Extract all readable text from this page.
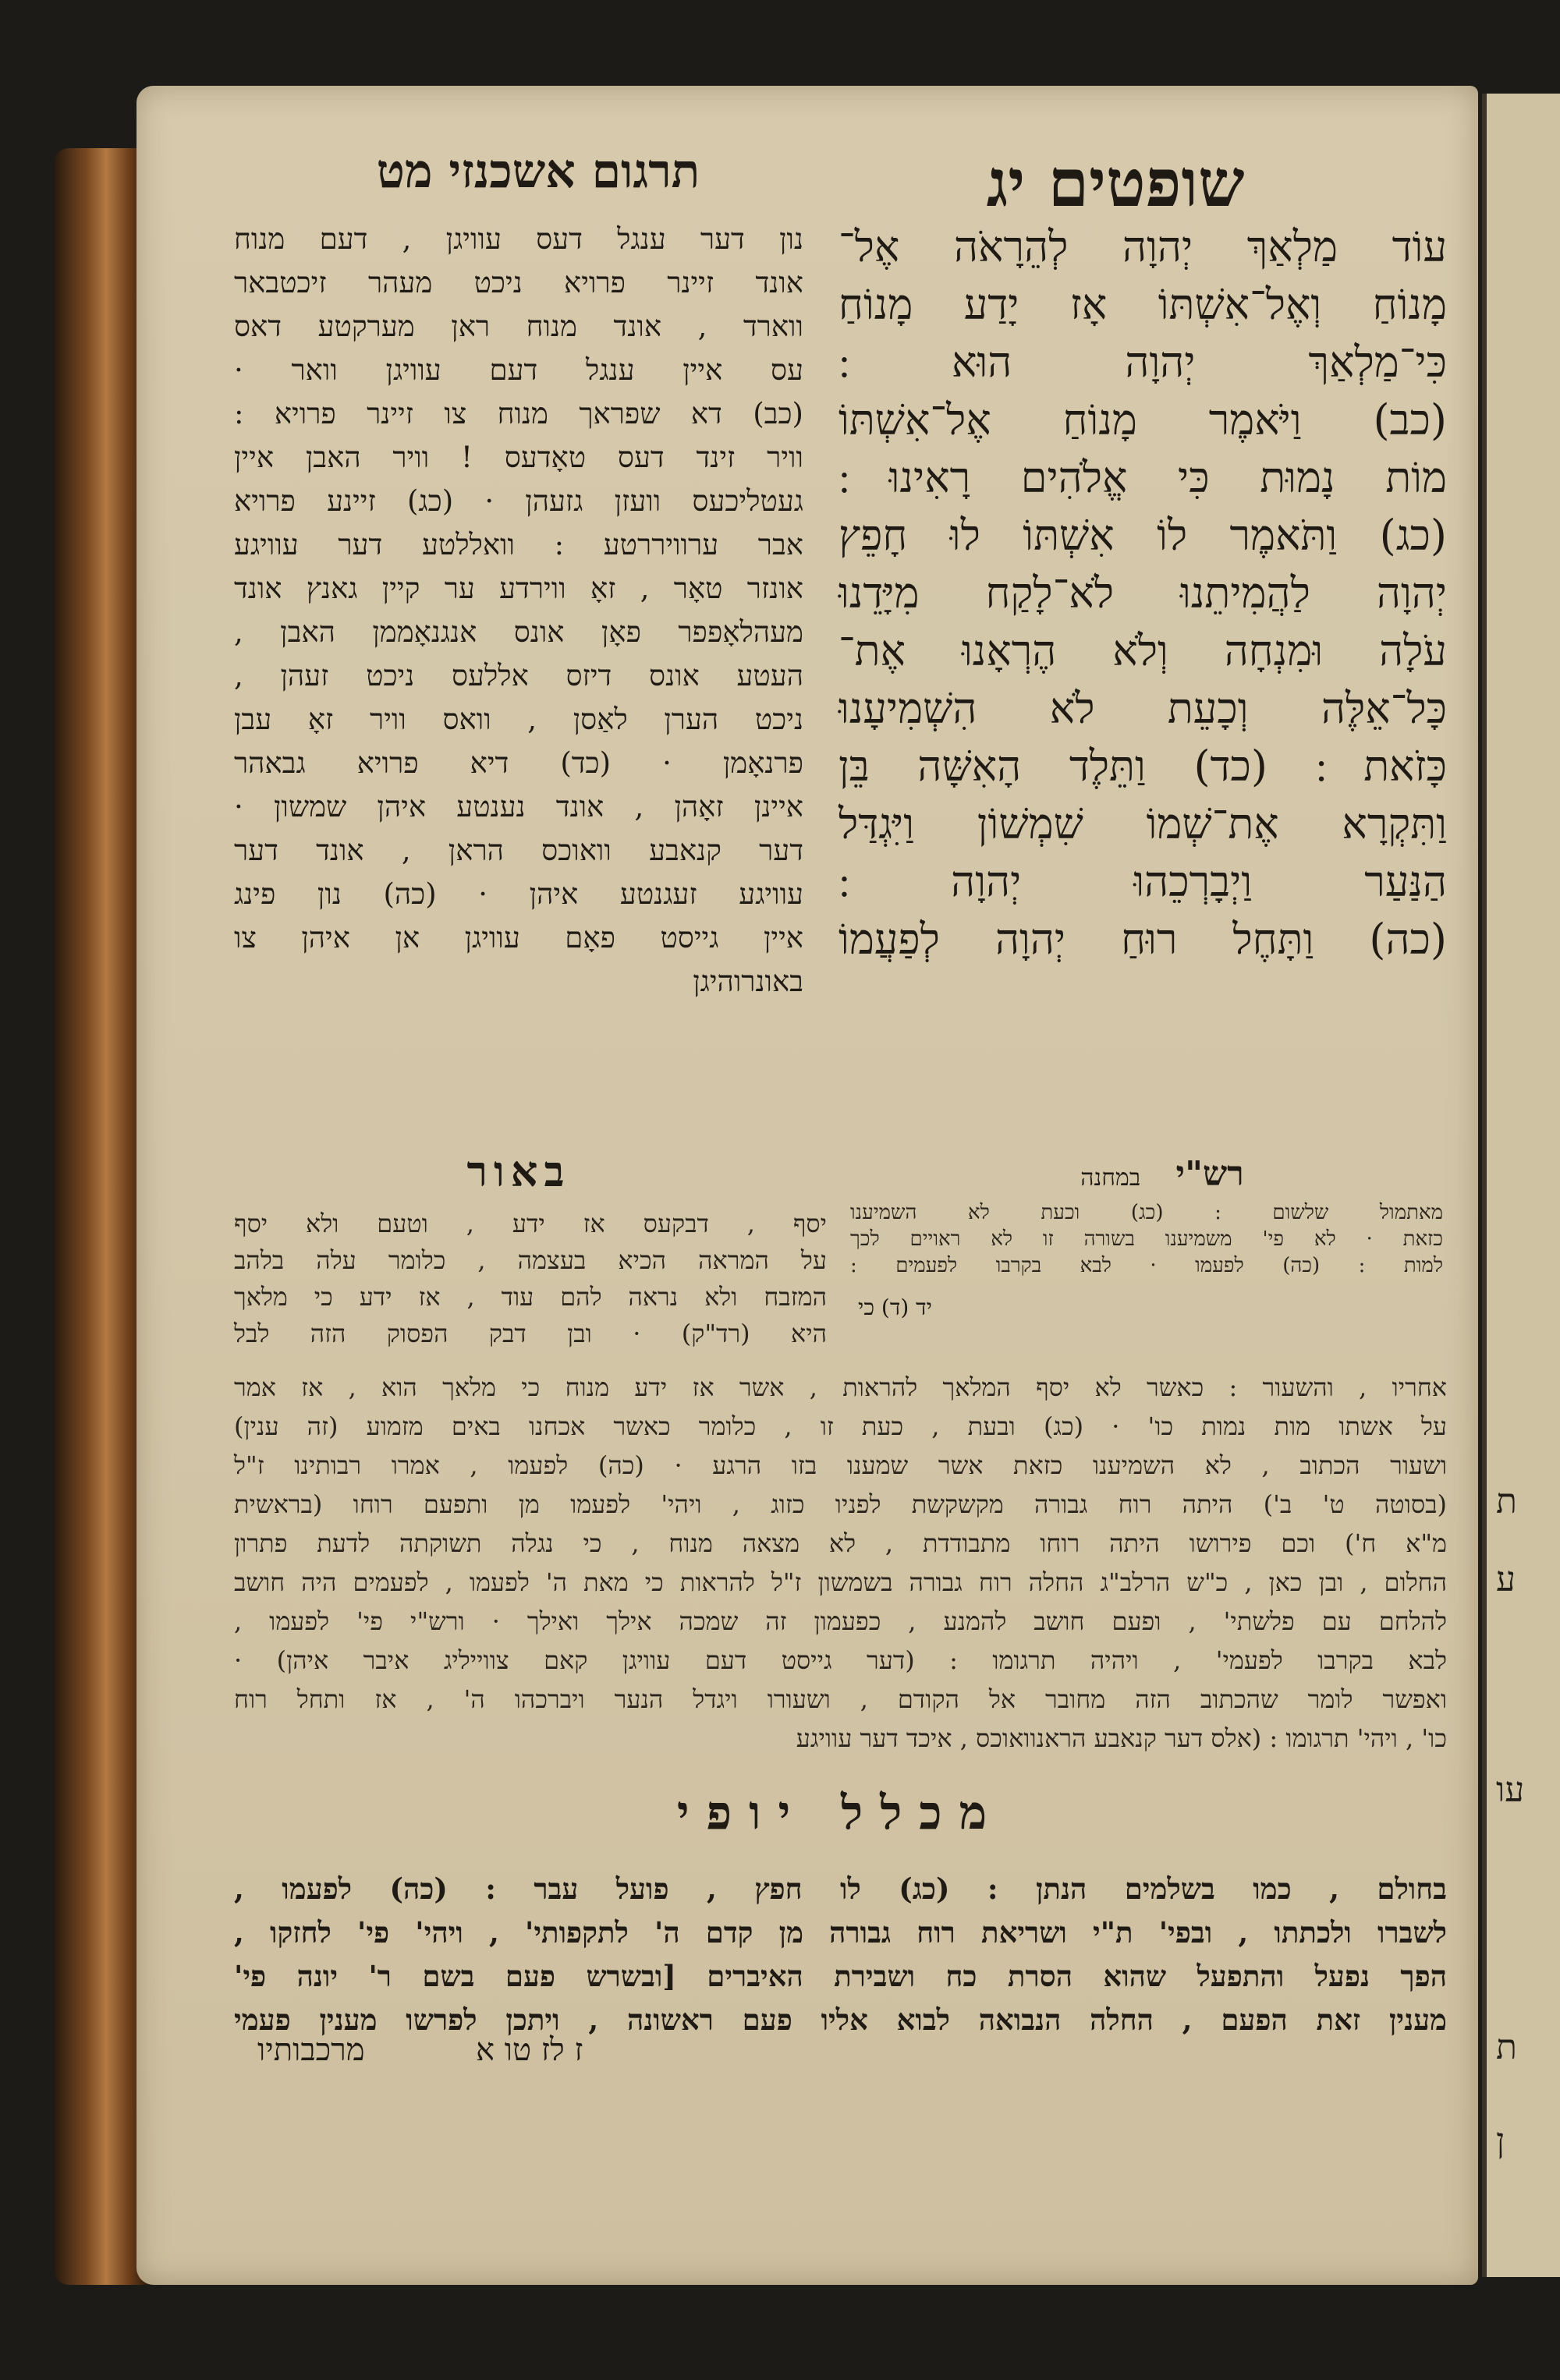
ת
ע
עו
ת
ן
תרגום אשכנזי מט	שופטים יג
נון דער ענגל דעס עוויגן , דעם מנוח
אונד זיינר פרויא ניכט מעהר זיכטבאר
ווארד , אונד מנוח ראן מערקטע דאס
עס איין ענגל דעם עוויגן וואר ·
(כב) דא שפראך מנוח צו זיינר פרויא :
וויר זינד דעס טאָדעס ! וויר האבן איין
געטליכעס וועזן גזעהן · (כג) זיינע פרויא
אבר ערוויררטע : וואללטע דער עוויגע
אונזר טאָר , זאָ ווירדע ער קיין גאנץ אונד
מעהלאָפפר פאָן אונס אנגנאָממן האבן ,
העטע אונס דיזס אללעס ניכט זעהן ,
ניכט הערן לאַסן , וואס וויר זאָ עבן
פרנאָמן · (כד) דיא פרויא גבאהר
איינן זאָהן , אונד נענטע איהן שמשון ·
דער קנאבע וואוכס הראן , אונד דער
עוויגע זעגנטע איהן · (כה) נון פינג
איין גייסט פאָם עוויגן אן איהן צו
באונרוהיגן
עוֹד מַלְאַךְ יְהוָה לְהֵרָאֹה אֶל־
מָנוֹחַ וְאֶל־אִשְׁתּוֹ אָז יָדַע מָנוֹחַ
כִּי־מַלְאַךְ יְהוָה הוּא ׃
(כב) וַיֹּאמֶר מָנוֹחַ אֶל־אִשְׁתּוֹ
מוֹת נָמוּת כִּי אֱלֹהִים רָאִינוּ ׃
(כג) וַתֹּאמֶר לוֹ אִשְׁתּוֹ לוּ חָפֵץ
יְהוָה לַהֲמִיתֵנוּ לֹא־לָקַח מִיָּדֵנוּ
עֹלָה וּמִנְחָה וְלֹא הֶרְאָנוּ אֶת־
כָּל־אֵלֶּה וְכָעֵת לֹא הִשְׁמִיעָנוּ
כָּזֹאת ׃ (כד) וַתֵּלֶד הָאִשָּׁה בֵּן
וַתִּקְרָא אֶת־שְׁמוֹ שִׁמְשׁוֹן וַיִּגְדַּל
הַנַּעַר וַיְבָרְכֵהוּ יְהוָה ׃
(כה) וַתָּחֶל רוּחַ יְהוָה לְפַעֲמוֹ
באור
יסף , דבקעס אז ידע , וטעם ולא יסף
על המראה הכיא בעצמה , כלומר עלה בלהב
המזבח ולא נראה להם עוד , אז ידע כי מלאך
היא (רד"ק) · ובן דבק הפסוק הזה לבל
רש"י במחנה
מאתמול שלשום : (כג) וכעת לא השמיענו
כזאת · לא פי' משמיענו בשורה זו לא ראויים לכך
למות : (כה) לפעמו · לבא בקרבו לפעמים :
יד (ד) כי
אחריו , והשעור : כאשר לא יסף המלאך להראות , אשר אז ידע מנוח כי מלאך הוא , אז אמר
על אשתו מות נמות כו' · (כג) ובעת , כעת זו , כלומר כאשר אכחנו באים מזמוע (זה ענין)
ושעור הכתוב , לא השמיענו כזאת אשר שמענו בזו הרגע · (כה) לפעמו , אמרו רבותינו ז"ל
(בסוטה ט' ב') היתה רוח גבורה מקשקשת לפניו כזוג , ויהי' לפעמו מן ותפעם רוחו (בראשית
מ"א ח') וכם פירושו היתה רוחו מתבודדת , לא מצאה מנוח , כי נגלה תשוקתה לדעת פתרון
החלום , ובן כאן , כ"ש הרלב"ג החלה רוח גבורה בשמשון ז"ל להראות כי מאת ה' לפעמו , לפעמים היה חושב
להלחם עם פלשתי' , ופעם חושב להמנע , כפעמון זה שמכה אילך ואילך · ורש"י פי' לפעמו ,
לבא בקרבו לפעמי' , ויהיה תרגומו : (דער גייסט דעם עוויגן קאם צווייליג איבר איהן) ·
ואפשר לומר שהכתוב הזה מחובר אל הקודם , ושעורו ויגדל הנער ויברכהו ה' , אז ותחל רוח
כו' , ויהי' תרגומו : (אלס דער קנאבע הראנוואוכס , איכד דער עוויגע
מכלל יופי
בחולם , כמו בשלמים הנתן : (כג) לו חפץ , פועל עבר : (כה) לפעמו ,
לשברו ולכתתו , ובפי' ת"י ושריאת רוח גבורה מן קדם ה' לתקפותי' , ויהי' פי' לחזקו ,
הפך נפעל והתפעל שהוא הסרת כח ושבירת האיברים [ובשרש פעם בשם ר' יונה פי'
מענין זאת הפעם , החלה הנבואה לבוא אליו פעם ראשונה , ויתכן לפרשו מענין פעמי
ז לז טו א
מרכבותיו
